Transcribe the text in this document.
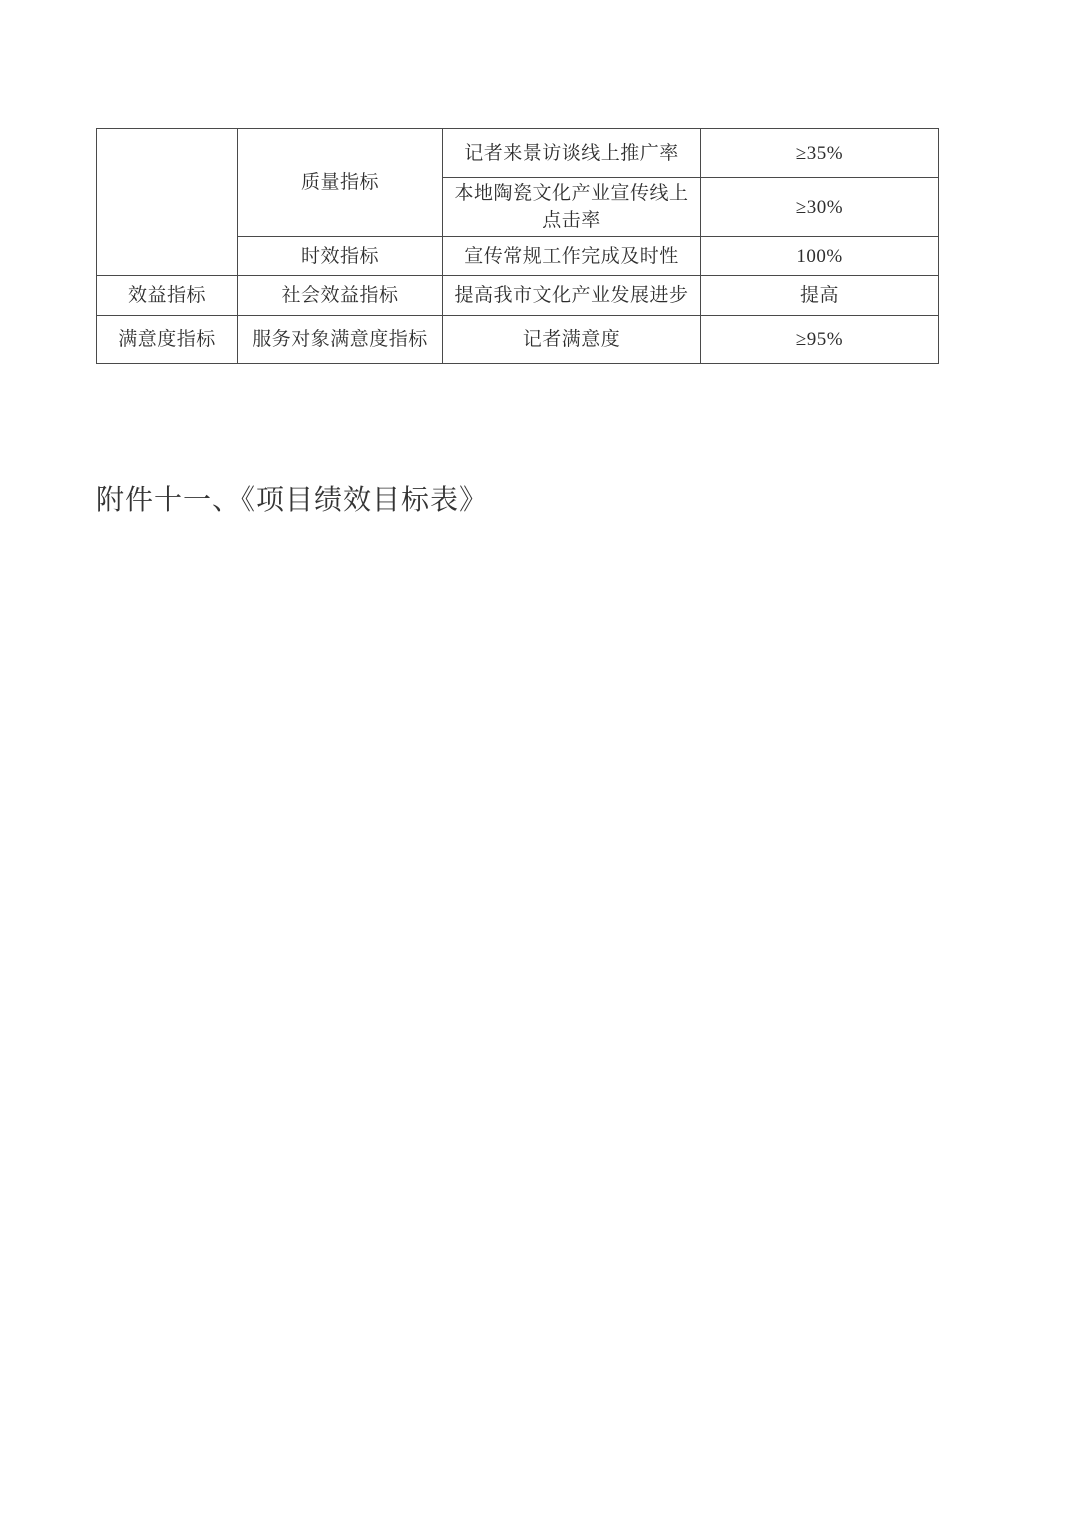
	质量指标	记者来景访谈线上推广率	≥35%
		本地陶瓷文化产业宣传线上点击率	≥30%
	时效指标	宣传常规工作完成及时性	100%
效益指标	社会效益指标	提高我市文化产业发展进步	提高
满意度指标	服务对象满意度指标	记者满意度	≥95%
附件十一、《项目绩效目标表》
